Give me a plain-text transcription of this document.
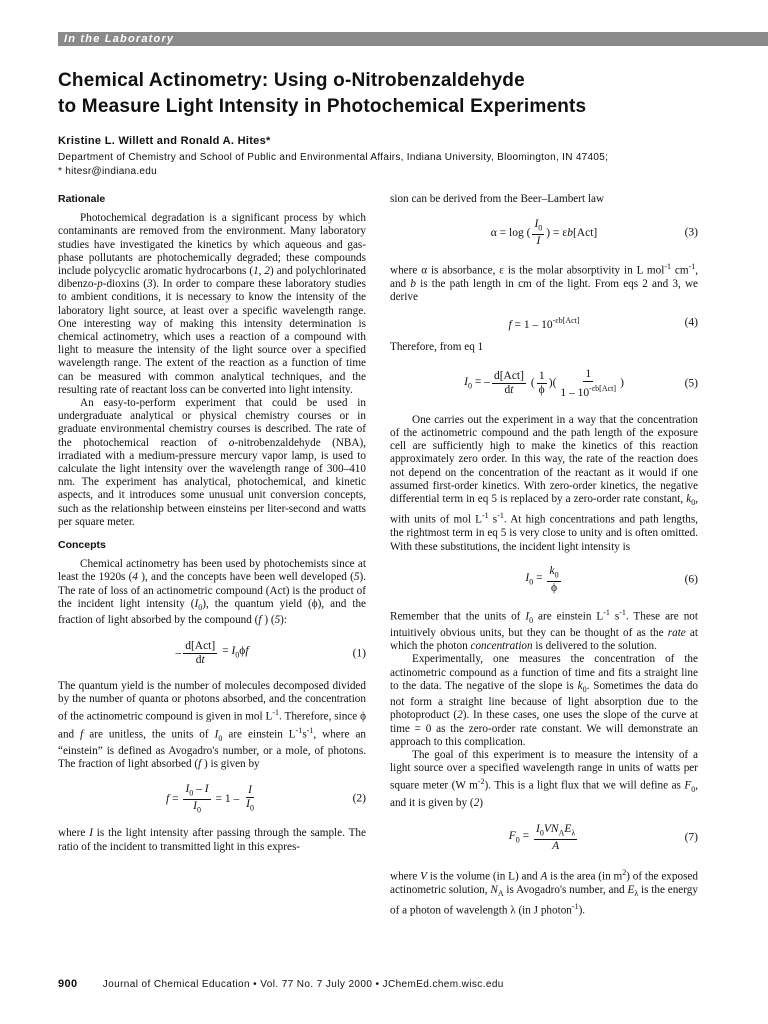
In the Laboratory
Chemical Actinometry: Using o-Nitrobenzaldehyde
to Measure Light Intensity in Photochemical Experiments
Kristine L. Willett and Ronald A. Hites*
Department of Chemistry and School of Public and Environmental Affairs, Indiana University, Bloomington, IN 47405;
* hitesr@indiana.edu
Rationale

Photochemical degradation is a significant process by which contaminants are removed from the environment. Many laboratory studies have investigated the kinetics by which aqueous and gas-phase pollutants are photochemically degraded; these compounds include polycyclic aromatic hydrocarbons (1, 2) and polychlorinated dibenzo-p-dioxins (3). In order to compare these laboratory studies to ambient conditions, it is necessary to know the intensity of the laboratory light source, at least over a specific wavelength range. One interesting way of making this intensity determination is chemical actinometry, which uses a reaction of a compound with light to measure the intensity of the light source over a specified wavelength range. The extent of the reaction as a function of time can be measured with common analytical techniques, and the resulting rate of reactant loss can be converted into light intensity.

An easy-to-perform experiment that could be used in undergraduate analytical or physical chemistry courses or in graduate environmental chemistry courses is described. The rate of the photochemical reaction of o-nitrobenzaldehyde (NBA), irradiated with a medium-pressure mercury vapor lamp, is used to calculate the light intensity over the wavelength range of 300–410 nm. The experiment has analytical, photochemical, and kinetic aspects, and it introduces some unusual unit conversion concepts, such as the relationship between einsteins per liter-second and watts per square meter.

Concepts

Chemical actinometry has been used by photochemists since at least the 1920s (4 ), and the concepts have been well developed (5). The rate of loss of an actinometric compound (Act) is the product of the incident light intensity $(I_0)$, the quantum yield (ϕ), and the fraction of light absorbed by the compound (f ) (5):

– $\frac{\text{d[Act]}}{dt} = I_0\phi f$	(1)

The quantum yield is the number of molecules decomposed divided by the number of quanta or photons absorbed, and the concentration of the actinometric compound is given in mol $L^{-1}$. Therefore, since ϕ and f are unitless, the units of $I_0$ are einstein $L^{-1}s^{-1}$, where an “einstein” is defined as Avogadro's number, or a mole, of photons. The fraction of light absorbed (f ) is given by

$f = \frac{I_0 - I}{I_0} = 1 - \frac{I}{I_0}$	(2)

where I is the light intensity after passing through the sample. The ratio of the incident to transmitted light in this expres-

sion can be derived from the Beer–Lambert law

α = log ( $\frac{I_0}{I}$ ) = εb[Act]	(3)

where α is absorbance, ε is the molar absorptivity in L mol$^{-1}$ $cm^{-1}$, and b is the path length in cm of the light. From eqs 2 and 3, we derive

$f = 1 - 10^{-\varepsilon b[Act]}$	(4)

Therefore, from eq 1

$I_0$ = – $\frac{\text{d[Act]}}{dt}$ ( $\frac{1}{\phi}$ )( $\frac{1}{1 - 10^{-\varepsilon b[Act]}}$ )	(5)

One carries out the experiment in a way that the concentration of the actinometric compound and the path length of the exposure cell are sufficiently high to make the kinetics of this reaction approximately zero order. In this way, the rate of the reaction does not depend on the concentration of the reactant as it would if one assumed first-order kinetics. With zero-order kinetics, the negative differential term in eq 5 is replaced by a zero-order rate constant, $k_0$, with units of mol $L^{-1}$ $s^{-1}$. At high concentrations and path lengths, the rightmost term in eq 5 is very close to unity and is often omitted. With these substitutions, the incident light intensity is

$I_0 = \frac{k_0}{\phi}$	(6)

Remember that the units of $I_0$ are einstein $L^{-1}$ $s^{-1}$. These are not intuitively obvious units, but they can be thought of as the rate at which the photon concentration is delivered to the solution.

Experimentally, one measures the concentration of the actinometric compound as a function of time and fits a straight line to the data. The negative of the slope is $k_0$. Sometimes the data do not form a straight line because of light absorption due to the photoproduct (2). In these cases, one uses the slope of the curve at time = 0 as the zero-order rate constant. We will demonstrate an approach to this complication.

The goal of this experiment is to measure the intensity of a light source over a specified wavelength range in units of watts per square meter (W $m^{-2}$). This is a light flux that we will define as $F_0$, and it is given by (2)

$F_0 = \frac{I_0VN_AE_\lambda}{A}$	(7)

where V is the volume (in L) and A is the area (in $m^2$) of the exposed actinometric solution, $N_A$ is Avogadro's number, and $E_\lambda$ is the energy of a photon of wavelength λ (in J photon$^{-1}$).

900	Journal of Chemical Education • Vol. 77 No. 7 July 2000 • JChemEd.chem.wisc.edu
